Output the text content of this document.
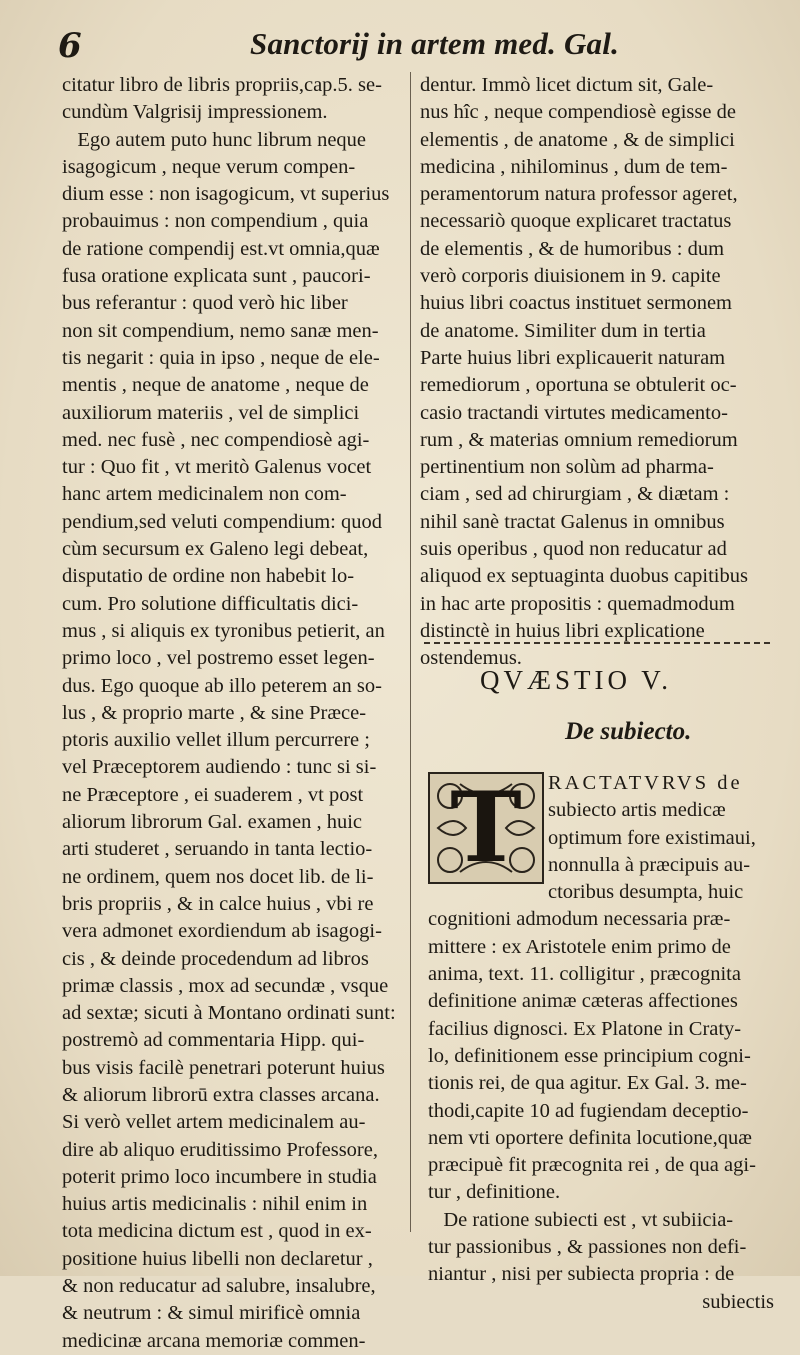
6	Sanctorij in artem med. Gal.
citatur libro de libris propriis,cap.5. se-
cundùm Valgrisij impressionem.
Ego autem puto hunc librum neque
isagogicum , neque verum compen-
dium esse : non isagogicum, vt superius
probauimus : non compendium , quia
de ratione compendij est.vt omnia,quæ
fusa oratione explicata sunt , paucori-
bus referantur : quod verò hic liber
non sit compendium, nemo sanæ men-
tis negarit : quia in ipso , neque de ele-
mentis , neque de anatome , neque de
auxiliorum materiis , vel de simplici
med. nec fusè , nec compendiosè agi-
tur : Quo fit , vt meritò Galenus vocet
hanc artem medicinalem non com-
pendium,sed veluti compendium: quod
cùm secursum ex Galeno legi debeat,
disputatio de ordine non habebit lo-
cum. Pro solutione difficultatis dici-
mus , si aliquis ex tyronibus petierit, an
primo loco , vel postremo esset legen-
dus. Ego quoque ab illo peterem an so-
lus , & proprio marte , & sine Præce-
ptoris auxilio vellet illum percurrere ;
vel Præceptorem audiendo : tunc si si-
ne Præceptore , ei suaderem , vt post
aliorum librorum Gal. examen , huic
arti studeret , seruando in tanta lectio-
ne ordinem, quem nos docet lib. de li-
bris propriis , & in calce huius , vbi re
vera admonet exordiendum ab isagogi-
cis , & deinde procedendum ad libros
primæ classis , mox ad secundæ , vsque
ad sextæ; sicuti à Montano ordinati sunt:
postremò ad commentaria Hipp. qui-
bus visis facilè penetrari poterunt huius
& aliorum librorū extra classes arcana.
Si verò vellet artem medicinalem au-
dire ab aliquo eruditissimo Professore,
poterit primo loco incumbere in studia
huius artis medicinalis : nihil enim in
tota medicina dictum est , quod in ex-
positione huius libelli non declaretur ,
& non reducatur ad salubre, insalubre,
& neutrum : & simul mirificè omnia
medicinæ arcana memoriæ commen-
dentur. Immò licet dictum sit, Gale-
nus hîc , neque compendiosè egisse de
elementis , de anatome , & de simplici
medicina , nihilominus , dum de tem-
peramentorum natura professor ageret,
necessariò quoque explicaret tractatus
de elementis , & de humoribus : dum
verò corporis diuisionem in 9. capite
huius libri coactus instituet sermonem
de anatome. Similiter dum in tertia
Parte huius libri explicauerit naturam
remediorum , oportuna se obtulerit oc-
casio tractandi virtutes medicamento-
rum , & materias omnium remediorum
pertinentium non solùm ad pharma-
ciam , sed ad chirurgiam , & diætam :
nihil sanè tractat Galenus in omnibus
suis operibus , quod non reducatur ad
aliquod ex septuaginta duobus capitibus
in hac arte propositis : quemadmodum
distinctè in huius libri explicatione
ostendemus.
QVÆSTIO V.
De subiecto.
T	RACTATVRVS de
subiecto artis medicæ
optimum fore existimaui,
nonnulla à præcipuis au-
ctoribus desumpta, huic
cognitioni admodum necessaria præ-
mittere : ex Aristotele enim primo de
anima, text. 11. colligitur , præcognita
definitione animæ cæteras affectiones
facilius dignosci. Ex Platone in Craty-
lo, definitionem esse principium cogni-
tionis rei, de qua agitur. Ex Gal. 3. me-
thodi,capite 10 ad fugiendam deceptio-
nem vti oportere definita locutione,quæ
præcipuè fit præcognita rei , de qua agi-
tur , definitione.
De ratione subiecti est , vt subiicia-
tur passionibus , & passiones non defi-
niantur , nisi per subiecta propria : de
subiectis
